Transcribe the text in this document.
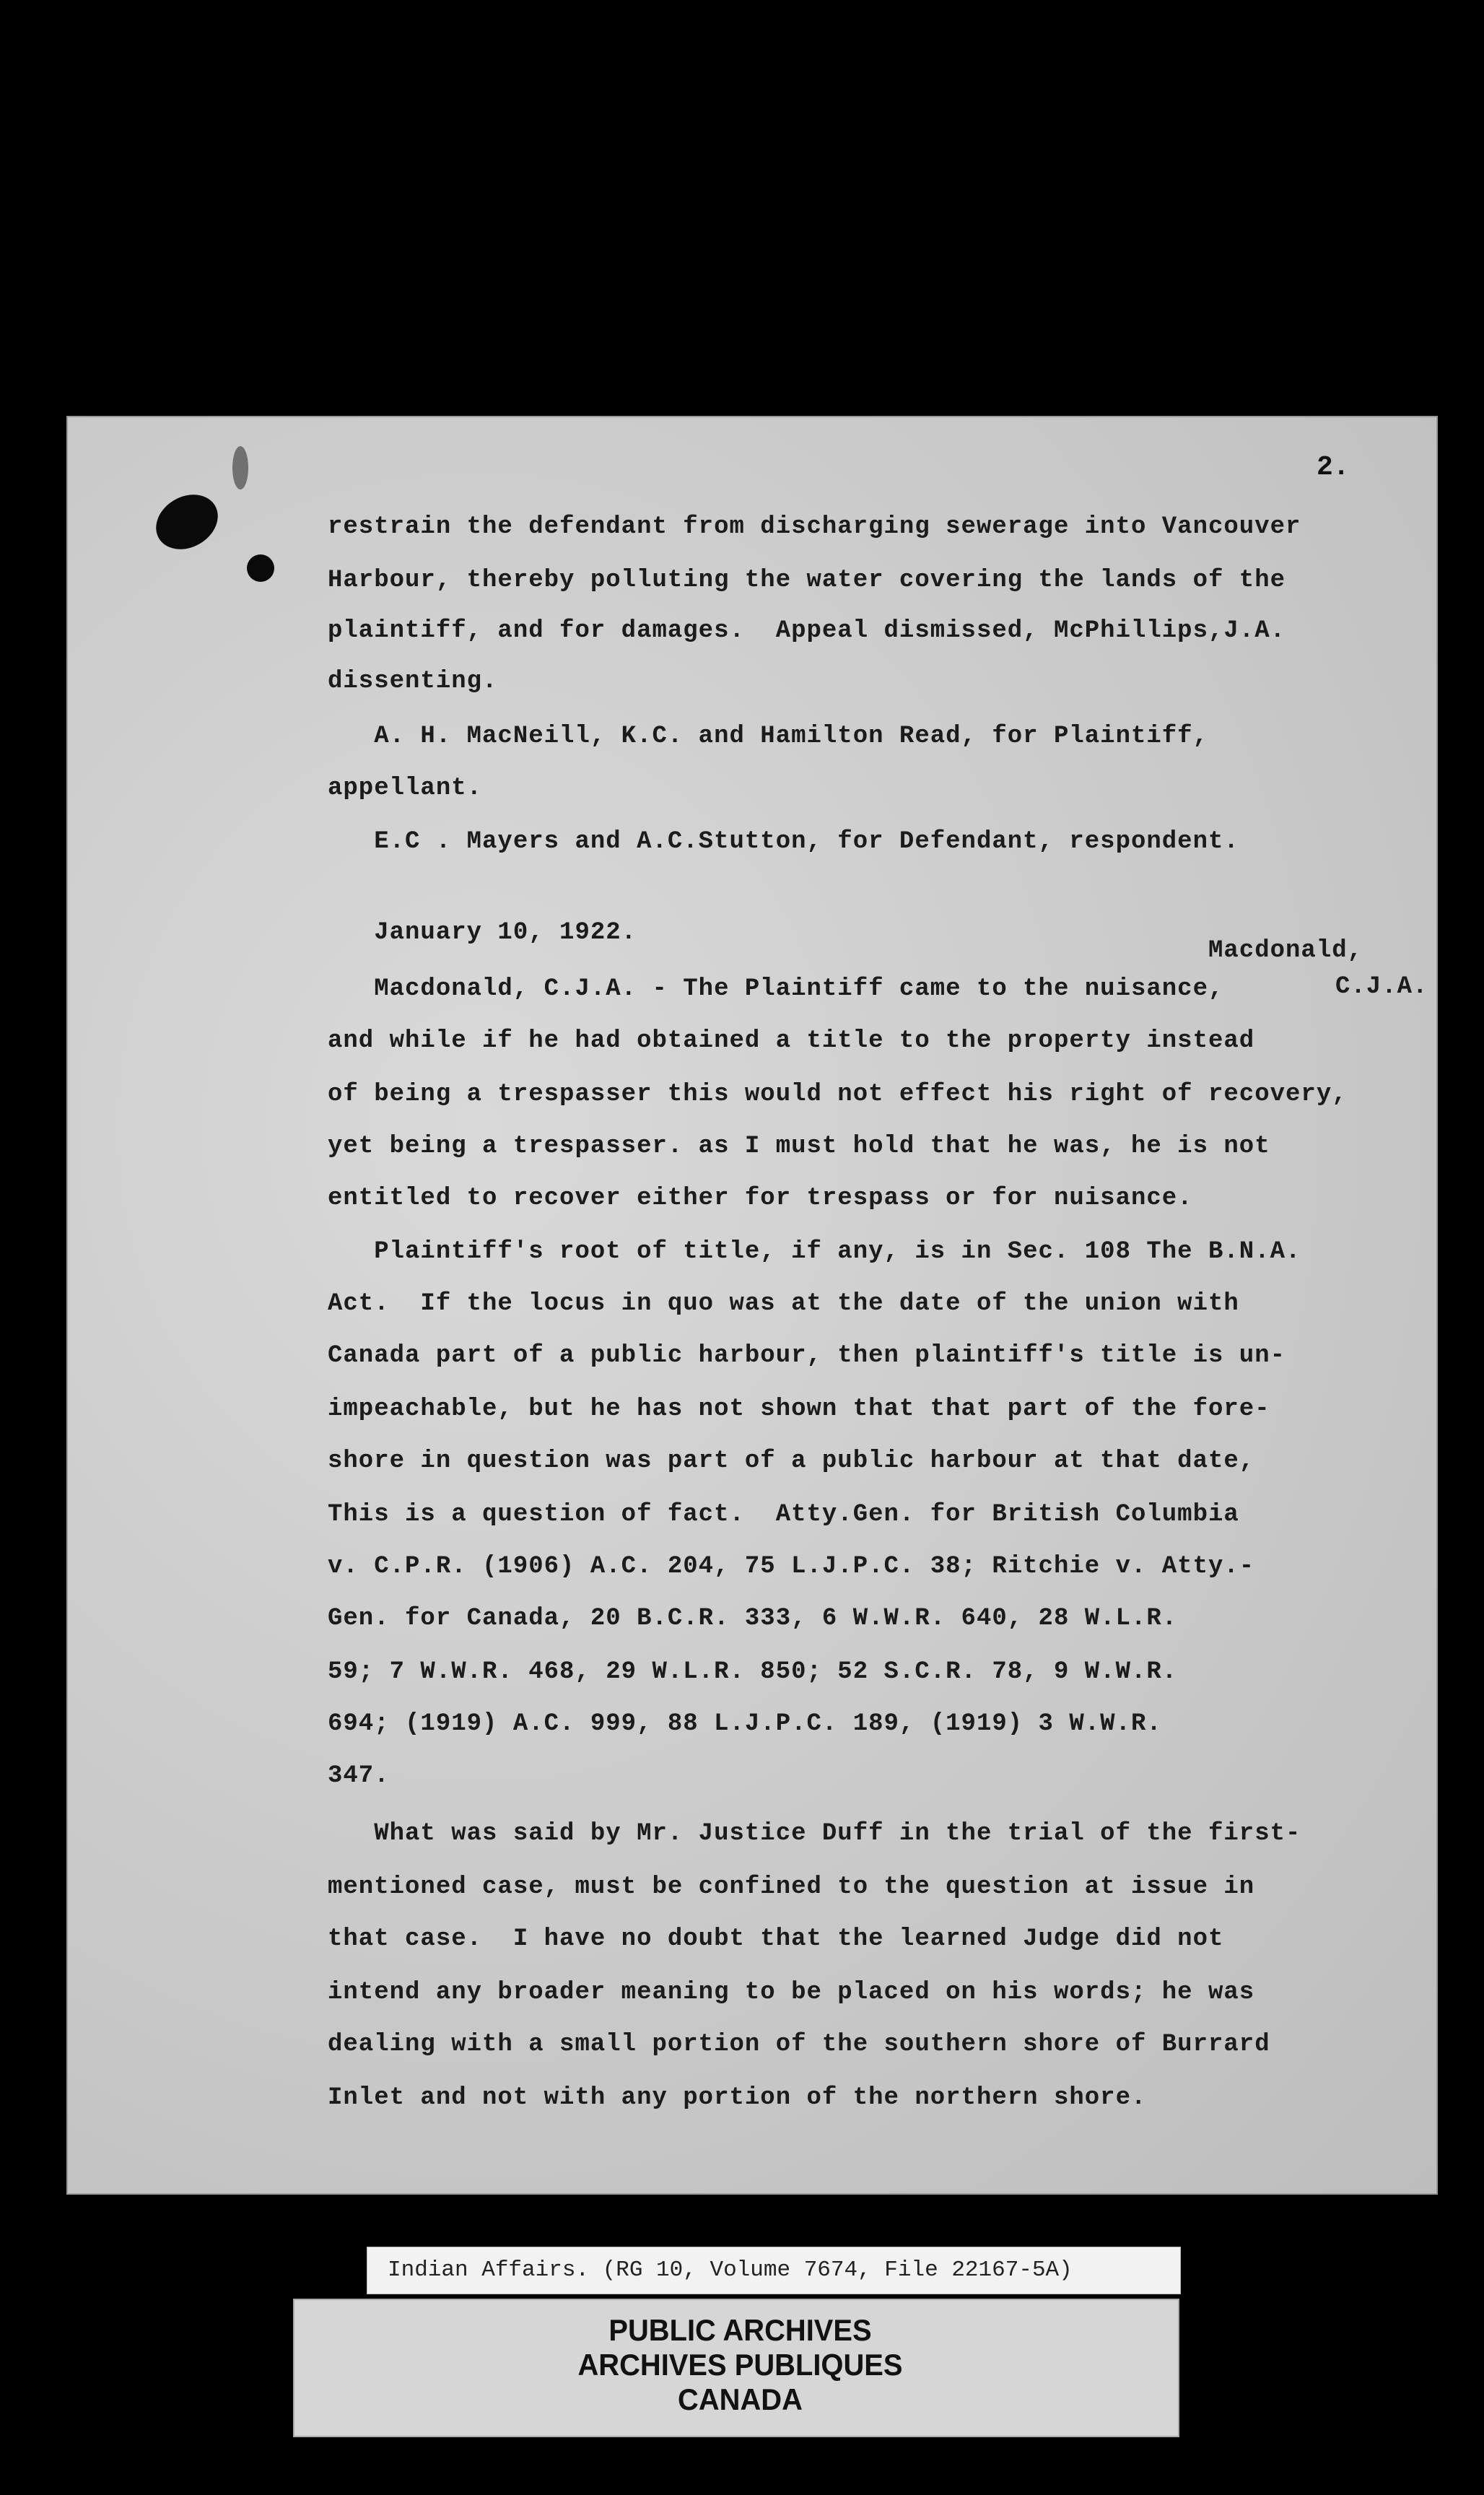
2.
Macdonald,
C.J.A.
restrain the defendant from discharging sewerage into Vancouver
Harbour, thereby polluting the water covering the lands of the
plaintiff, and for damages.  Appeal dismissed, McPhillips,J.A.
dissenting.
A. H. MacNeill, K.C. and Hamilton Read, for Plaintiff,
appellant.
E.C . Mayers and A.C.Stutton, for Defendant, respondent.
January 10, 1922.
Macdonald, C.J.A. - The Plaintiff came to the nuisance,
and while if he had obtained a title to the property instead
of being a trespasser this would not effect his right of recovery,
yet being a trespasser. as I must hold that he was, he is not
entitled to recover either for trespass or for nuisance.
Plaintiff's root of title, if any, is in Sec. 108 The B.N.A.
Act.  If the locus in quo was at the date of the union with
Canada part of a public harbour, then plaintiff's title is un-
impeachable, but he has not shown that that part of the fore-
shore in question was part of a public harbour at that date,
This is a question of fact.  Atty.Gen. for British Columbia
v. C.P.R. (1906) A.C. 204, 75 L.J.P.C. 38; Ritchie v. Atty.-
Gen. for Canada, 20 B.C.R. 333, 6 W.W.R. 640, 28 W.L.R.
59; 7 W.W.R. 468, 29 W.L.R. 850; 52 S.C.R. 78, 9 W.W.R.
694; (1919) A.C. 999, 88 L.J.P.C. 189, (1919) 3 W.W.R.
347.
What was said by Mr. Justice Duff in the trial of the first-
mentioned case, must be confined to the question at issue in
that case.  I have no doubt that the learned Judge did not
intend any broader meaning to be placed on his words; he was
dealing with a small portion of the southern shore of Burrard
Inlet and not with any portion of the northern shore.
Indian Affairs. (RG 10, Volume 7674, File 22167-5A)
PUBLIC ARCHIVES
ARCHIVES PUBLIQUES
CANADA
